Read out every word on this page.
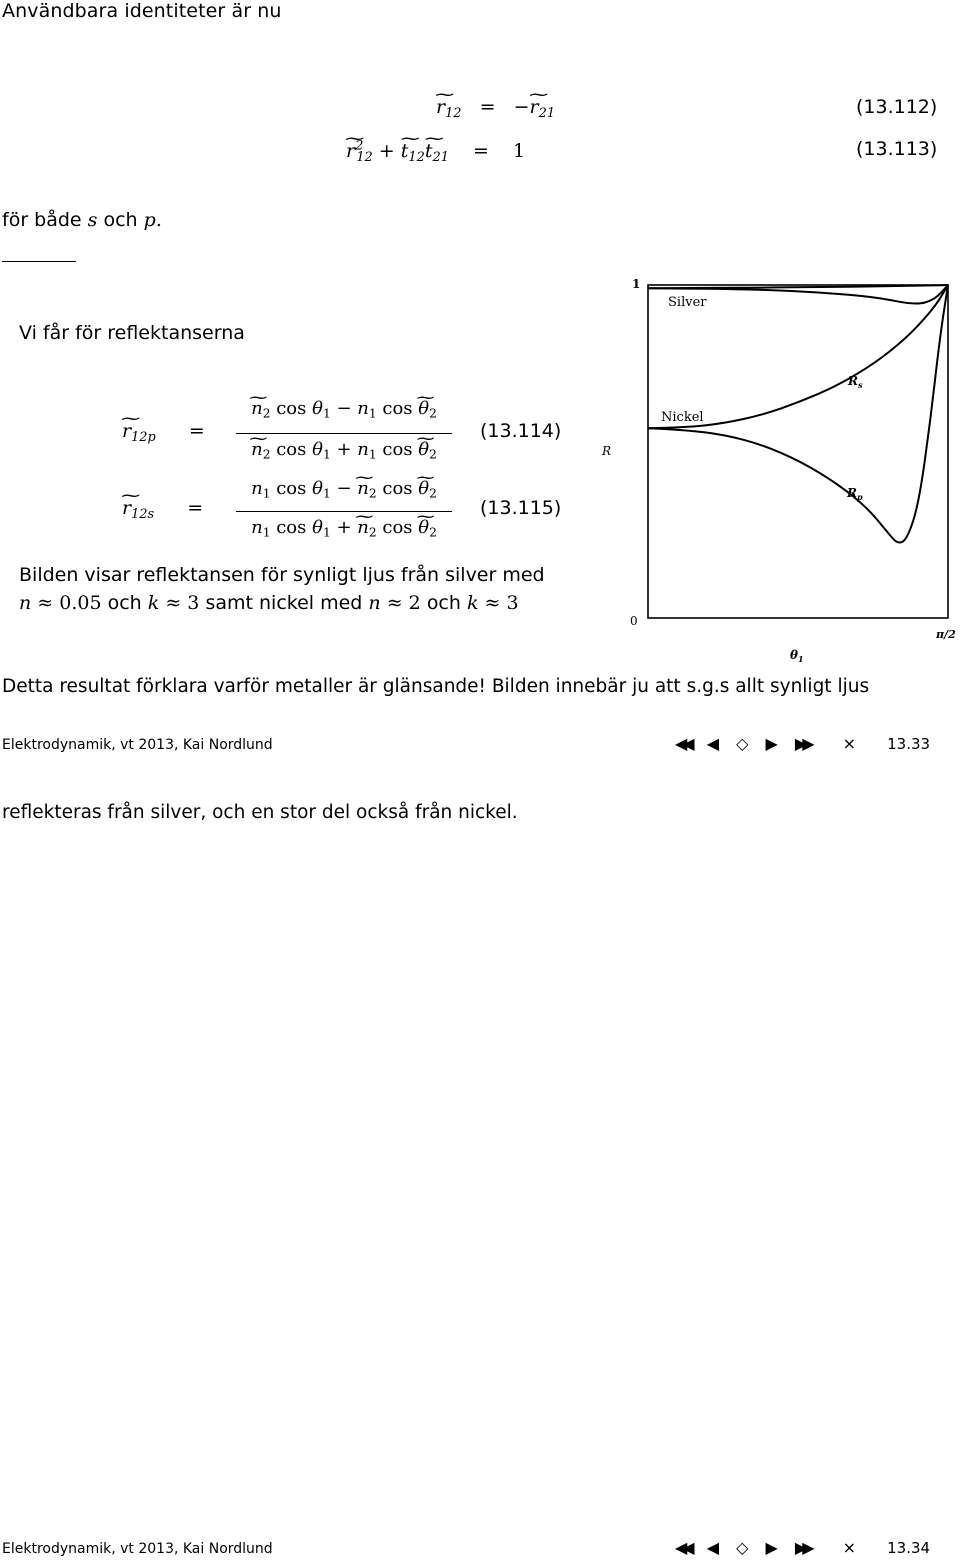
Användbara identiteter är nu
~ $r_{12}$ = −~ $r_{21}$	(13.112)
~ $r^2_{12}$ + ~ $t_{12}\sim$ $t_{21} = 1$	(13.113)
för både s och p.
Vi får för reflektanserna
~ $r_{12p}$ =
~ $n_2$ $\cos \theta_1 - n_1$ cos ~ $\theta_2$
~ $n_2$ $\cos \theta_1 + n_1$ cos ~ $\theta_2$
(13.114)
~ $r_{12s}$ =
$n_1$ $\cos \theta_1$ − ~ $n_2$ cos ~ $\theta_2$
$n_1$ $\cos \theta_1$ + ~ $n_2$ cos ~ $\theta_2$
(13.115)
Bilden visar reflektansen för synligt ljus från silver med
n ≈ 0.05 och k ≈ 3 samt nickel med n ≈ 2 och k ≈ 3
1
0
π/2
R
$\theta_1$
Silver
Nickel
$R_s$
$R_p$
Detta resultat förklara varför metaller är glänsande! Bilden innebär ju att s.g.s allt synligt ljus
Elektrodynamik, vt 2013, Kai Nordlund	◀◀ ◀ ◇ ▶ ▶▶ × 13.33
reflekteras från silver, och en stor del också från nickel.
Elektrodynamik, vt 2013, Kai Nordlund	◀◀ ◀ ◇ ▶ ▶▶ × 13.34
